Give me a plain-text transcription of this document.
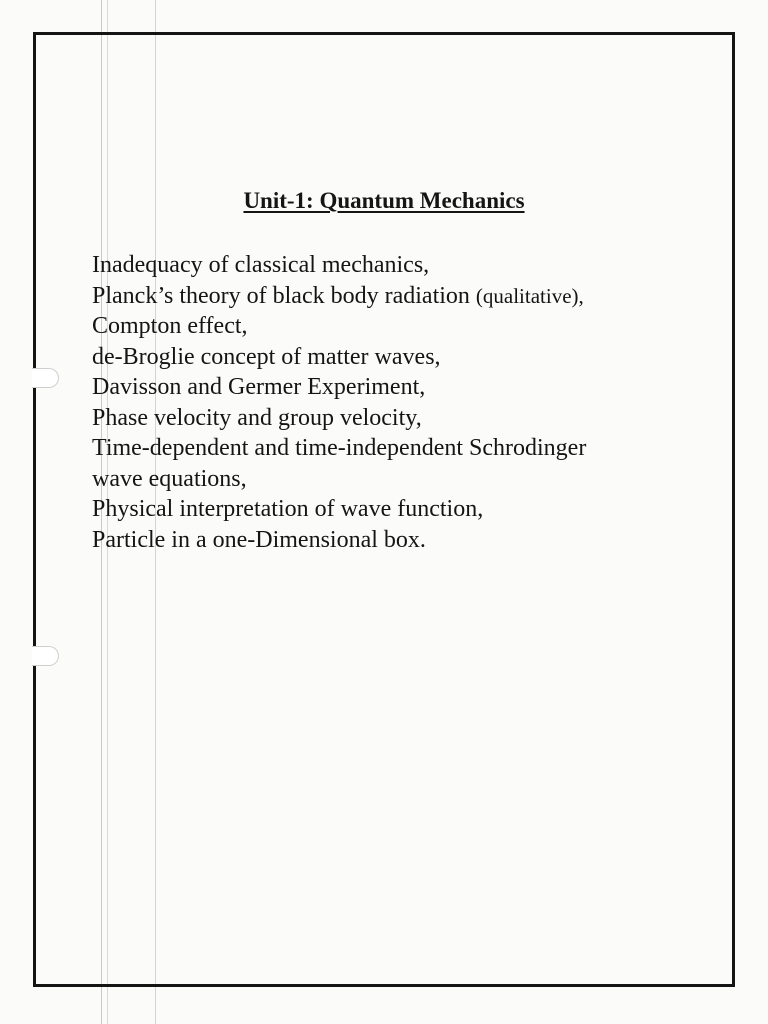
Unit-1: Quantum Mechanics
Inadequacy of classical mechanics,
Planck’s theory of black body radiation (qualitative),
Compton effect,
de-Broglie concept of matter waves,
Davisson and Germer Experiment,
Phase velocity and group velocity,
Time-dependent and time-independent Schrodinger
wave equations,
Physical interpretation of wave function,
Particle in a one-Dimensional box.
